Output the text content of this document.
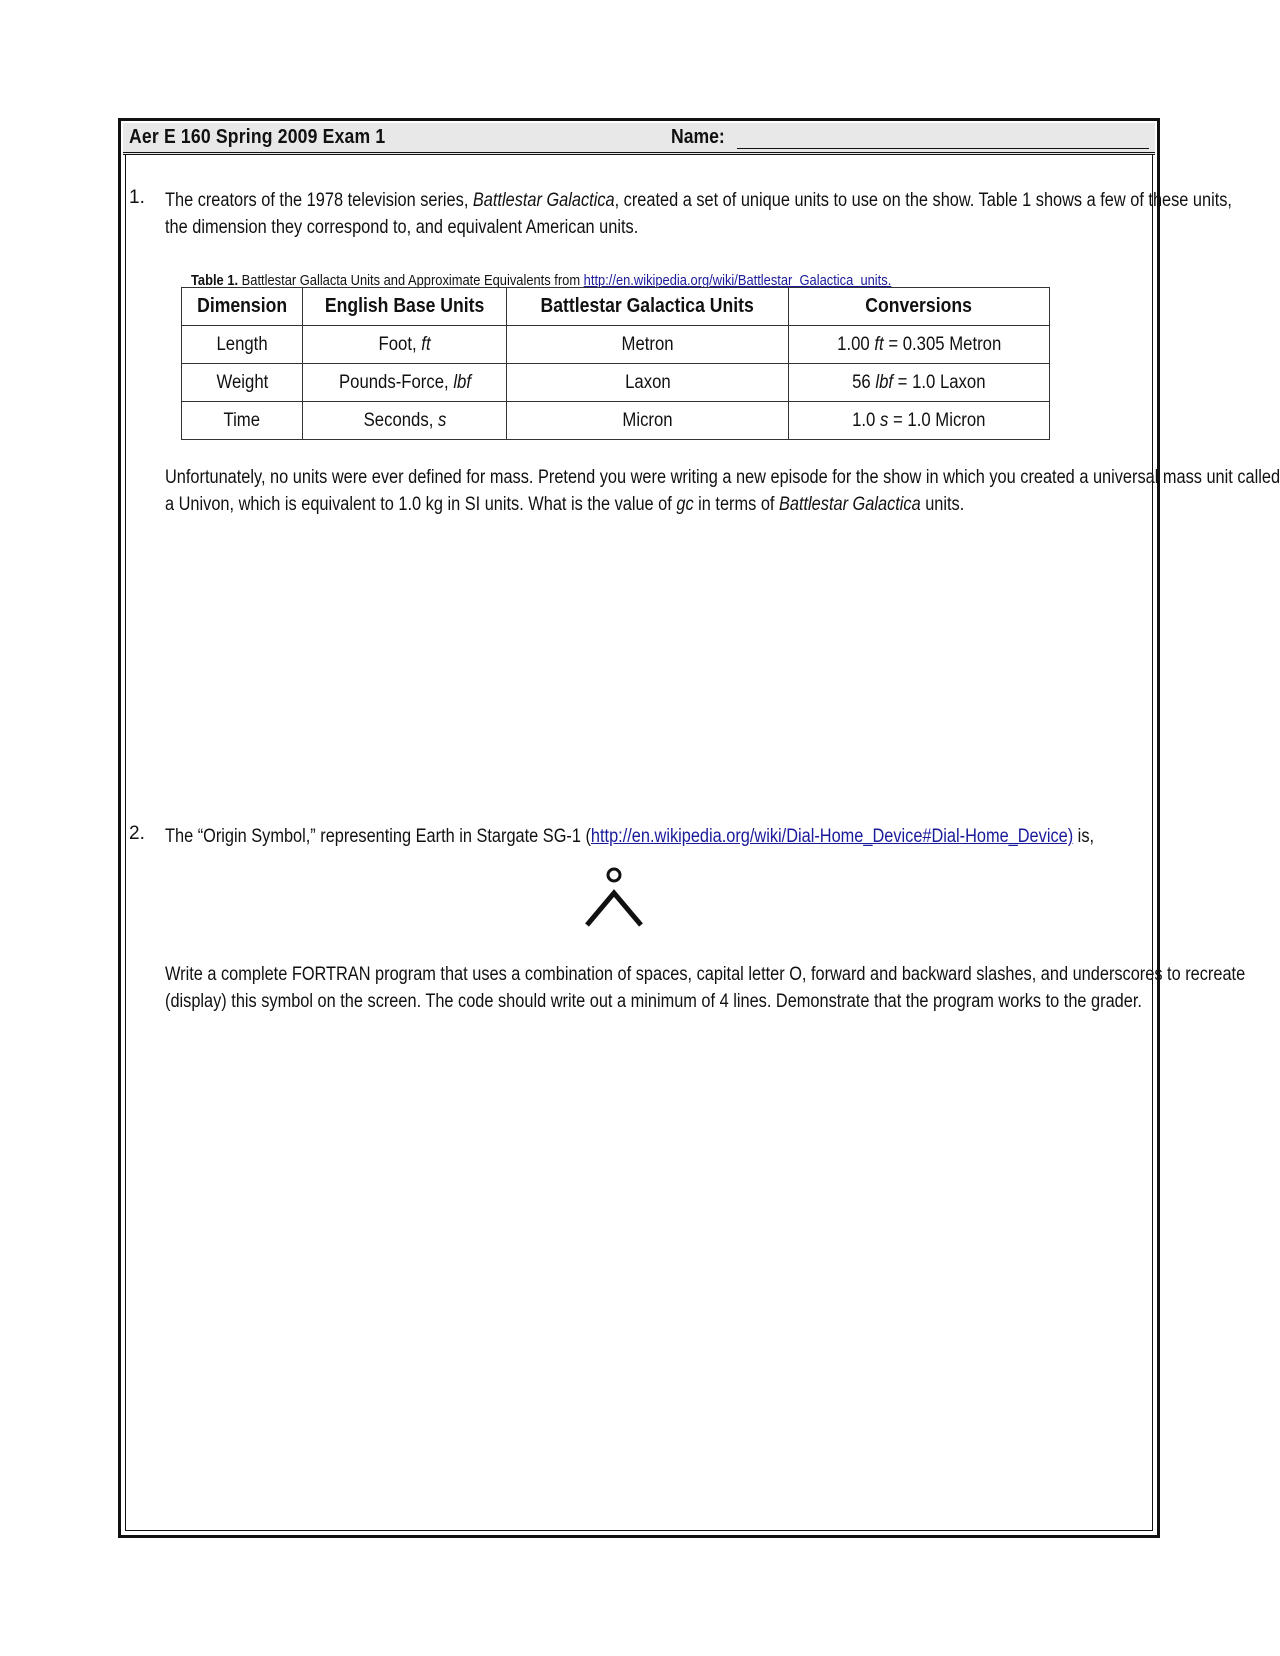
Aer E 160 Spring 2009 Exam 1	Name:
1. The creators of the 1978 television series, Battlestar Galactica, created a set of unique units to use on the show. Table 1 shows a few of these units, the dimension they correspond to, and equivalent American units.
Table 1. Battlestar Gallacta Units and Approximate Equivalents from http://en.wikipedia.org/wiki/Battlestar_Galactica_units.
Dimension	English Base Units	Battlestar Galactica Units	Conversions
Length	Foot, ft	Metron	1.00 ft = 0.305 Metron
Weight	Pounds-Force, lbf	Laxon	56 lbf = 1.0 Laxon
Time	Seconds, s	Micron	1.0 s = 1.0 Micron
Unfortunately, no units were ever defined for mass. Pretend you were writing a new episode for the show in which you created a universal mass unit called a Univon, which is equivalent to 1.0 kg in SI units. What is the value of gc in terms of Battlestar Galactica units.
2. The “Origin Symbol,” representing Earth in Stargate SG-1 (http://en.wikipedia.org/wiki/Dial-Home_Device#Dial-Home_Device) is,
Write a complete FORTRAN program that uses a combination of spaces, capital letter O, forward and backward slashes, and underscores to recreate (display) this symbol on the screen. The code should write out a minimum of 4 lines. Demonstrate that the program works to the grader.
